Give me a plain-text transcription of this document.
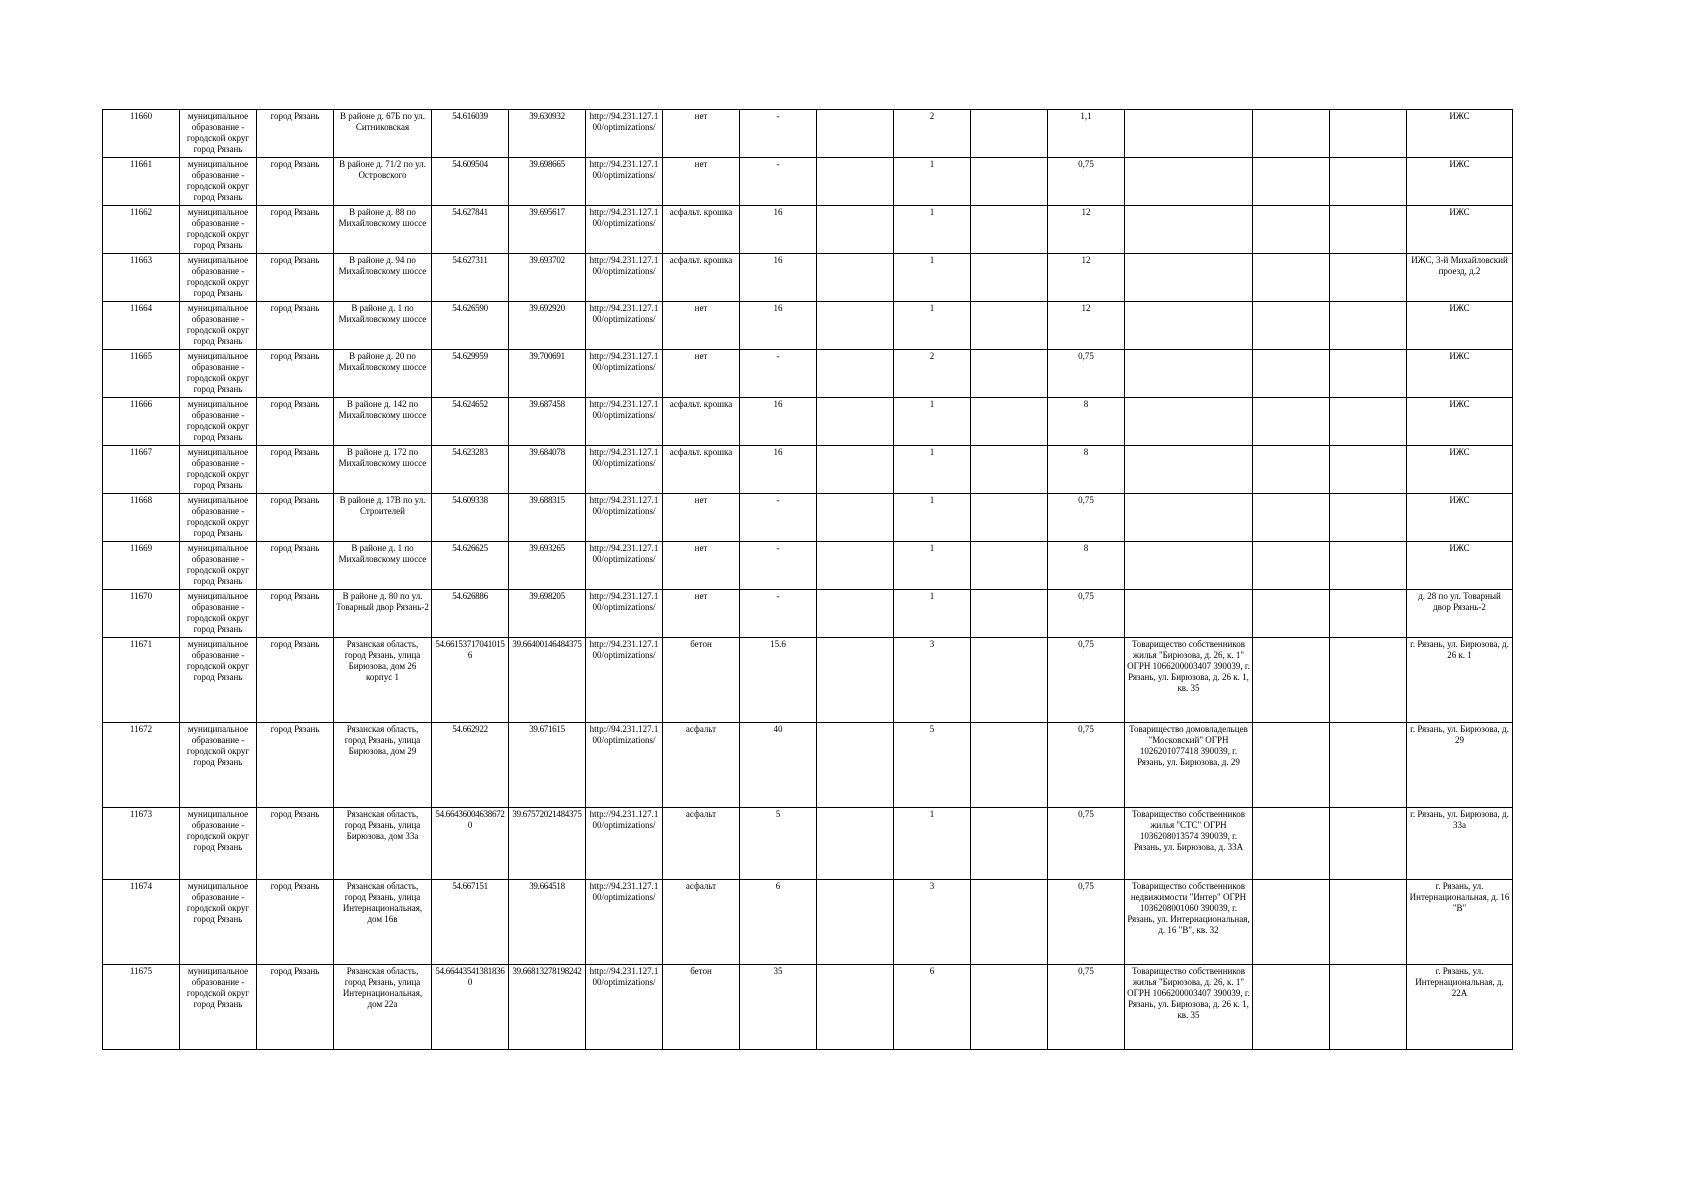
11660	муниципальное образование - городской округ город Рязань	город Рязань	В районе д. 67Б по ул. Ситниковская	54.616039	39.630932	http://94.231.127.100/optimizations/	нет	-		2		1,1				ИЖС
11661	муниципальное образование - городской округ город Рязань	город Рязань	В районе д. 71/2 по ул. Островского	54.609504	39.698665	http://94.231.127.100/optimizations/	нет	-		1		0,75				ИЖС
11662	муниципальное образование - городской округ город Рязань	город Рязань	В районе д. 88 по Михайловскому шоссе	54.627841	39.695617	http://94.231.127.100/optimizations/	асфальт. крошка	16		1		12				ИЖС
11663	муниципальное образование - городской округ город Рязань	город Рязань	В районе д. 94 по Михайловскому шоссе	54.627311	39.693702	http://94.231.127.100/optimizations/	асфальт. крошка	16		1		12				ИЖС, 3-й Михайловский проезд, д.2
11664	муниципальное образование - городской округ город Рязань	город Рязань	В районе д. 1 по Михайловскому шоссе	54.626590	39.692920	http://94.231.127.100/optimizations/	нет	16		1		12				ИЖС
11665	муниципальное образование - городской округ город Рязань	город Рязань	В районе д. 20 по Михайловскому шоссе	54.629959	39.700691	http://94.231.127.100/optimizations/	нет	-		2		0,75				ИЖС
11666	муниципальное образование - городской округ город Рязань	город Рязань	В районе д. 142 по Михайловскому шоссе	54.624652	39.687458	http://94.231.127.100/optimizations/	асфальт. крошка	16		1		8				ИЖС
11667	муниципальное образование - городской округ город Рязань	город Рязань	В районе д. 172 по Михайловскому шоссе	54.623283	39.684078	http://94.231.127.100/optimizations/	асфальт. крошка	16		1		8				ИЖС
11668	муниципальное образование - городской округ город Рязань	город Рязань	В районе д. 17В по ул. Строителей	54.609338	39.688315	http://94.231.127.100/optimizations/	нет	-		1		0,75				ИЖС
11669	муниципальное образование - городской округ город Рязань	город Рязань	В районе д. 1 по Михайловскому шоссе	54.626625	39.693265	http://94.231.127.100/optimizations/	нет	-		1		8				ИЖС
11670	муниципальное образование - городской округ город Рязань	город Рязань	В районе д. 80 по ул. Товарный двор Рязань-2	54.626886	39.698205	http://94.231.127.100/optimizations/	нет	-		1		0,75				д. 28 по ул. Товарный двор Рязань-2
11671	муниципальное образование - городской округ город Рязань	город Рязань	Рязанская область, город Рязань, улица Бирюзова, дом 26 корпус 1	54.661537170410156	39.66400146484375	http://94.231.127.100/optimizations/	бетон	15.6		3		0,75	Товарищество собственников жилья "Бирюзова, д. 26, к. 1" ОГРН 1066200003407 390039, г. Рязань, ул. Бирюзова, д. 26 к. 1, кв. 35			г. Рязань, ул. Бирюзова, д. 26 к. 1
11672	муниципальное образование - городской округ город Рязань	город Рязань	Рязанская область, город Рязань, улица Бирюзова, дом 29	54.662922	39.671615	http://94.231.127.100/optimizations/	асфальт	40		5		0,75	Товарищество домовладельцев "Московский" ОГРН 1026201077418 390039, г. Рязань, ул. Бирюзова, д. 29			г. Рязань, ул. Бирюзова, д. 29
11673	муниципальное образование - городской округ город Рязань	город Рязань	Рязанская область, город Рязань, улица Бирюзова, дом 33а	54.664360046386720	39.67572021484375	http://94.231.127.100/optimizations/	асфальт	5		1		0,75	Товарищество собственников жилья "СТС" ОГРН 1036208013574 390039, г. Рязань, ул. Бирюзова, д. 33А			г. Рязань, ул. Бирюзова, д. 33а
11674	муниципальное образование - городской округ город Рязань	город Рязань	Рязанская область, город Рязань, улица Интернациональная, дом 16в	54.667151	39.664518	http://94.231.127.100/optimizations/	асфальт	6		3		0,75	Товарищество собственников недвижимости "Интер" ОГРН 1036208001060 390039, г. Рязань, ул. Интернациональная, д. 16 "В", кв. 32			г. Рязань, ул. Интернациональная, д. 16 "В"
11675	муниципальное образование - городской округ город Рязань	город Рязань	Рязанская область, город Рязань, улица Интернациональная, дом 22а	54.664435413818360	39.66813278198242	http://94.231.127.100/optimizations/	бетон	35		6		0,75	Товарищество собственников жилья "Бирюзова, д. 26, к. 1" ОГРН 1066200003407 390039, г. Рязань, ул. Бирюзова, д. 26 к. 1, кв. 35			г. Рязань, ул. Интернациональная, д. 22А
